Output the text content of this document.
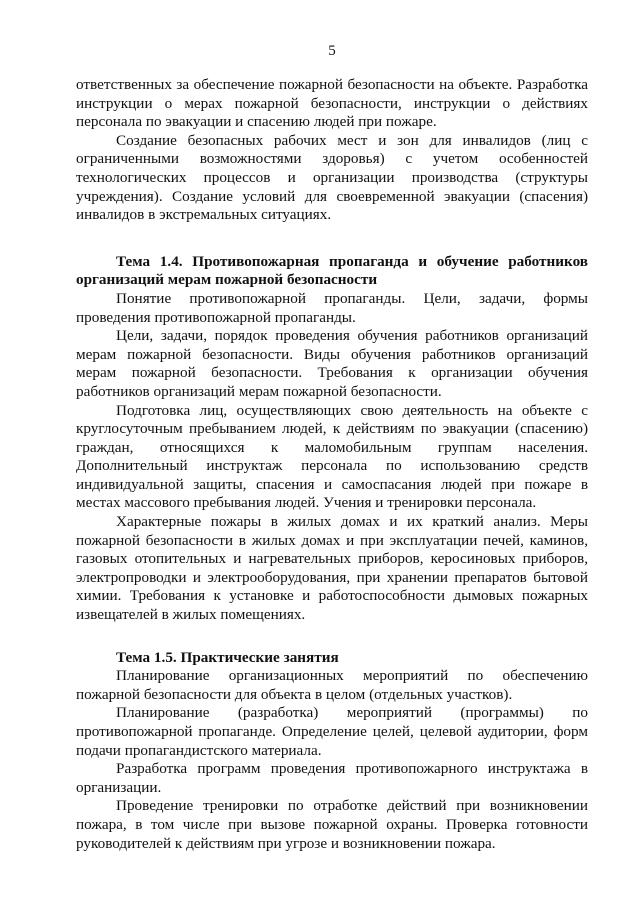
5

ответственных за обеспечение пожарной безопасности на объекте. Разработка инструкции о мерах пожарной безопасности, инструкции о действиях персонала по эвакуации и спасению людей при пожаре.

Создание безопасных рабочих мест и зон для инвалидов (лиц с ограниченными возможностями здоровья) с учетом особенностей технологических процессов и организации производства (структуры учреждения). Создание условий для своевременной эвакуации (спасения) инвалидов в экстремальных ситуациях.

Тема 1.4. Противопожарная пропаганда и обучение работников организаций мерам пожарной безопасности

Понятие противопожарной пропаганды. Цели, задачи, формы проведения противопожарной пропаганды.

Цели, задачи, порядок проведения обучения работников организаций мерам пожарной безопасности. Виды обучения работников организаций мерам пожарной безопасности. Требования к организации обучения работников организаций мерам пожарной безопасности.

Подготовка лиц, осуществляющих свою деятельность на объекте с круглосуточным пребыванием людей, к действиям по эвакуации (спасению) граждан, относящихся к маломобильным группам населения. Дополнительный инструктаж персонала по использованию средств индивидуальной защиты, спасения и самоспасания людей при пожаре в местах массового пребывания людей. Учения и тренировки персонала.

Характерные пожары в жилых домах и их краткий анализ. Меры пожарной безопасности в жилых домах и при эксплуатации печей, каминов, газовых отопительных и нагревательных приборов, керосиновых приборов, электропроводки и электрооборудования, при хранении препаратов бытовой химии. Требования к установке и работоспособности дымовых пожарных извещателей в жилых помещениях.

Тема 1.5. Практические занятия

Планирование организационных мероприятий по обеспечению пожарной безопасности для объекта в целом (отдельных участков).

Планирование (разработка) мероприятий (программы) по противопожарной пропаганде. Определение целей, целевой аудитории, форм подачи пропагандистского материала.

Разработка программ проведения противопожарного инструктажа в организации.

Проведение тренировки по отработке действий при возникновении пожара, в том числе при вызове пожарной охраны. Проверка готовности руководителей к действиям при угрозе и возникновении пожара.
